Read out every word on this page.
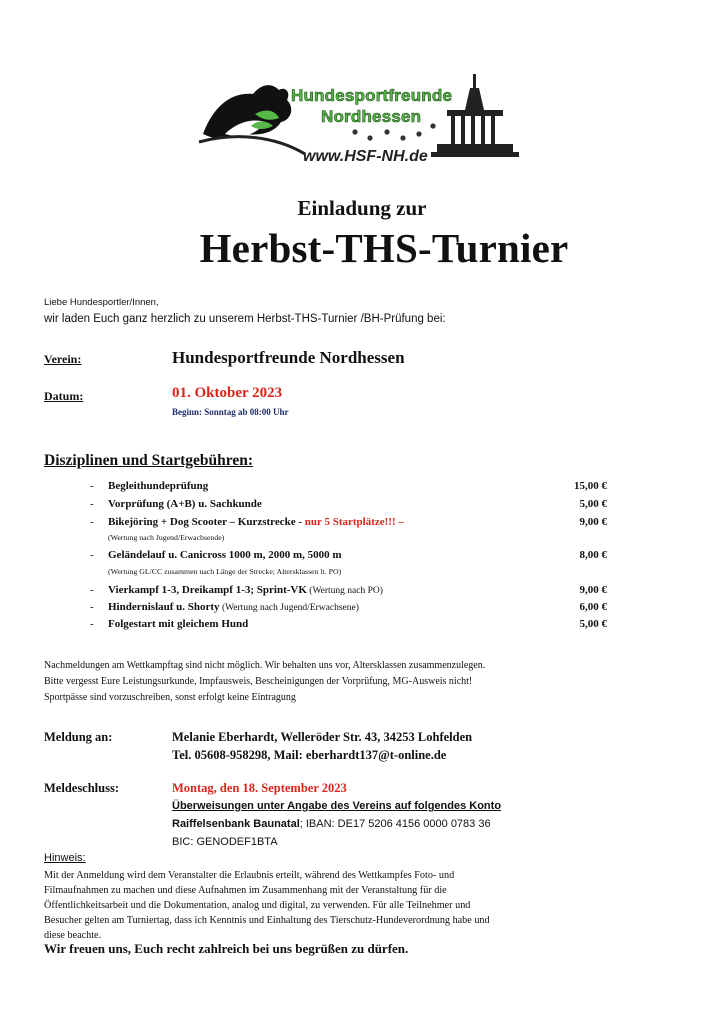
Hundesportfreunde
Nordhessen
www.HSF-NH.de
Einladung zur
Herbst-THS-Turnier
Liebe Hundesportler/Innen,
wir laden Euch ganz herzlich zu unserem Herbst-THS-Turnier /BH-Prüfung bei:
Verein:	Hundesportfreunde Nordhessen
Datum:	01. Oktober 2023
Beginn: Sonntag ab 08:00 Uhr
Disziplinen und Startgebühren:
- Begleithundeprüfung	15,00 €
- Vorprüfung (A+B) u. Sachkunde	5,00 €
- Bikejöring + Dog Scooter – Kurzstrecke - nur 5 Startplätze!!! –	9,00 €
(Wertung nach Jugend/Erwachsende)
- Geländelauf u. Canicross 1000 m, 2000 m, 5000 m	8,00 €
(Wertung GL/CC zusammen nach Länge der Strecke; Altersklassen lt. PO)
- Vierkampf 1-3, Dreikampf 1-3; Sprint-VK (Wertung nach PO)	9,00 €
- Hindernislauf u. Shorty (Wertung nach Jugend/Erwachsene)	6,00 €
- Folgestart mit gleichem Hund	5,00 €
Nachmeldungen am Wettkampftag sind nicht möglich. Wir behalten uns vor, Altersklassen zusammenzulegen.
Bitte vergesst Eure Leistungsurkunde, Impfausweis, Bescheinigungen der Vorprüfung, MG-Ausweis nicht!
Sportpässe sind vorzuschreiben, sonst erfolgt keine Eintragung
Meldung an:	Melanie Eberhardt, Welleröder Str. 43, 34253 Lohfelden
Tel. 05608-958298, Mail: eberhardt137@t-online.de
Meldeschluss:	Montag, den 18. September 2023
Überweisungen unter Angabe des Vereins auf folgendes Konto
Raiffelsenbank Baunatal; IBAN: DE17 5206 4156 0000 0783 36
BIC: GENODEF1BTA
Hinweis:
Mit der Anmeldung wird dem Veranstalter die Erlaubnis erteilt, während des Wettkampfes Foto- und
Filmaufnahmen zu machen und diese Aufnahmen im Zusammenhang mit der Veranstaltung für die
Öffentlichkeitsarbeit und die Dokumentation, analog und digital, zu verwenden. Für alle Teilnehmer und
Besucher gelten am Turniertag, dass ich Kenntnis und Einhaltung des Tierschutz-Hundeverordnung habe und
diese beachte.
Wir freuen uns, Euch recht zahlreich bei uns begrüßen zu dürfen.
